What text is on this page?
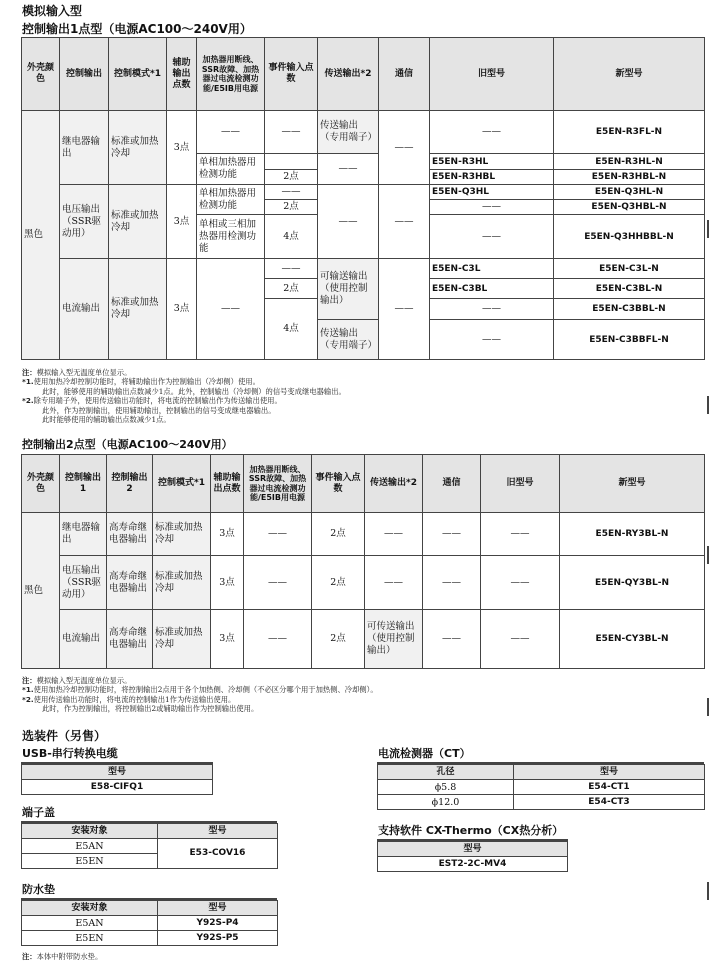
模拟输入型
控制输出1点型（电源AC100～240V用）
外壳颜色	控制输出	控制模式*1	辅助输出点数	加热器用断线、SSR故障、加热器过电流检测功能/E5IB用电源	事件输入点数	传送输出*2	通信	旧型号	新型号
黑色	继电器输出	标准或加热冷却	3点	——	——	传送输出（专用端子）	——	——	E5EN-R3FL-N

				单相加热器用检测功能		——		E5EN-R3HL	E5EN-R3HL-N
					2点			E5EN-R3HBL	E5EN-R3HBL-N
	电压输出（SSR驱动用）	标准或加热冷却	3点	单相加热器用检测功能	——	——	——	E5EN-Q3HL	E5EN-Q3HL-N
					2点			——	E5EN-Q3HBL-N
				单相或三相加热器用检测功能	4点			——	E5EN-Q3HHBBL-N
	电流输出	标准或加热冷却	3点	——	——	可输送输出（使用控制输出）	——	E5EN-C3L	E5EN-C3L-N
					2点			E5EN-C3BL	E5EN-C3BL-N
					4点			——	E5EN-C3BBL-N
						传送输出（专用端子）		——	E5EN-C3BBFL-N
注：模拟输入型无温度单位显示。
*1.使用加热冷却控制功能时，将辅助输出作为控制输出（冷却侧）使用。
此时，能够使用的辅助输出点数减少1点。此外，控制输出（冷却侧）的信号变成继电器输出。
*2.除专用端子外，使用传送输出功能时，将电流的控制输出作为传送输出使用。
此外，作为控制输出，使用辅助输出，控制输出的信号变成继电器输出。
此时能够使用的辅助输出点数减少1点。
控制输出2点型（电源AC100～240V用）
外壳颜色	控制输出1	控制输出2	控制模式*1	辅助输出点数	加热器用断线、SSR故障、加热器过电流检测功能/E5IB用电源	事件输入点数	传送输出*2	通信	旧型号	新型号
黑色	继电器输出	高寿命继电器输出	标准或加热冷却	3点	——	2点	——	——	——	E5EN-RY3BL-N
	电压输出（SSR驱动用）	高寿命继电器输出	标准或加热冷却	3点	——	2点	——	——	——	E5EN-QY3BL-N
	电流输出	高寿命继电器输出	标准或加热冷却	3点	——	2点	可传送输出（使用控制输出）	——	——	E5EN-CY3BL-N
注：模拟输入型无温度单位显示。
*1.使用加热冷却控制功能时，将控制输出2点用于各个加热侧、冷却侧（不必区分哪个用于加热侧、冷却侧）。
*2.使用传送输出功能时，将电流的控制输出1作为传送输出使用。
此时，作为控制输出，将控制输出2或辅助输出作为控制输出使用。
选装件（另售）
USB-串行转换电缆
型号
E58-CIFQ1
端子盖
安装对象	型号
E5AN	E53-COV16
E5EN	
防水垫
安装对象	型号
E5AN	Y92S-P4
E5EN	Y92S-P5
注：本体中附带防水垫。
电流检测器（CT）
孔径	型号
ϕ5.8	E54-CT1
ϕ12.0	E54-CT3
支持软件 CX-Thermo（CX热分析）
型号
EST2-2C-MV4
